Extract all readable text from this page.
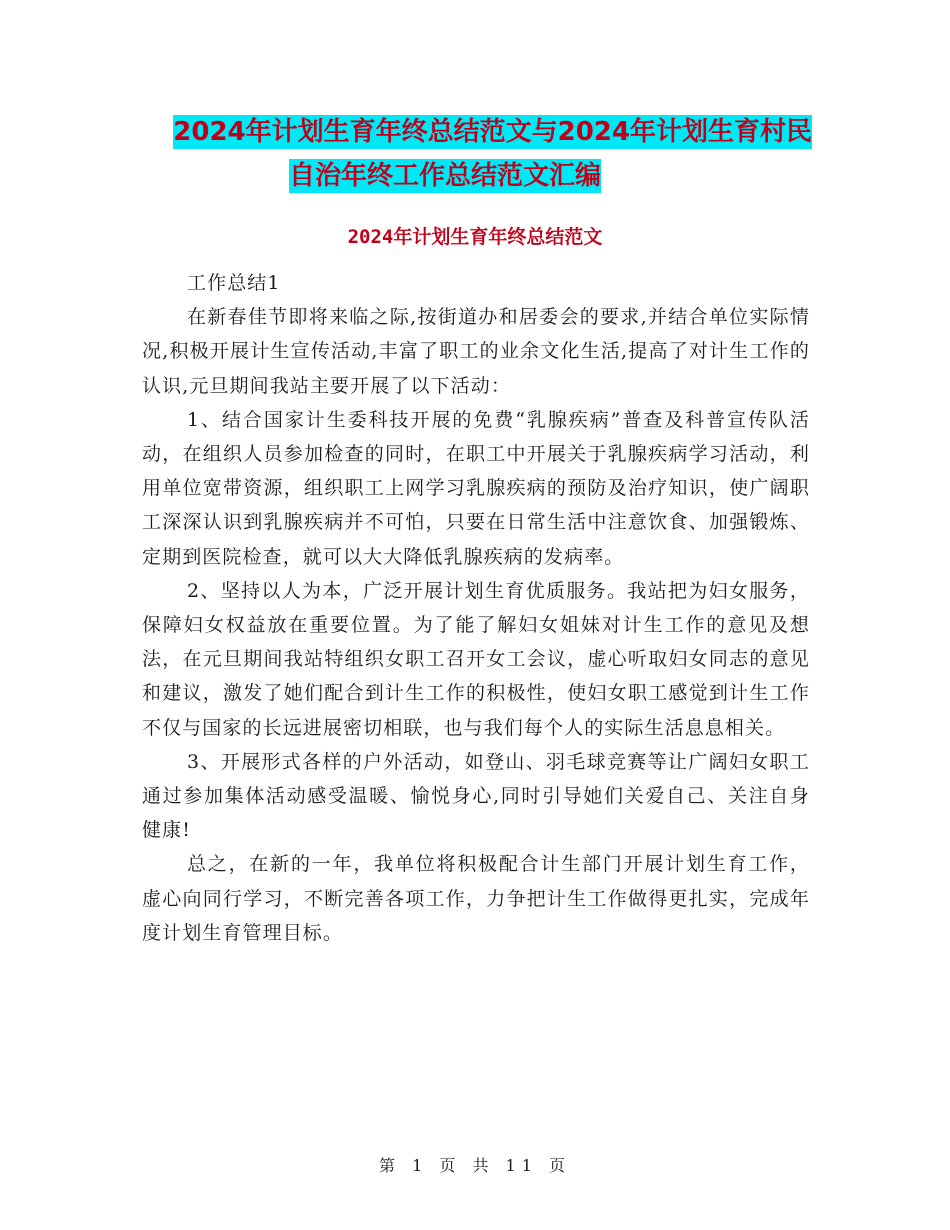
2024年计划生育年终总结范文与2024年计划生育村民
自治年终工作总结范文汇编
2024年计划生育年终总结范文

工作总结1

在新春佳节即将来临之际,按街道办和居委会的要求,并结合单位实际情况,积极开展计生宣传活动,丰富了职工的业余文化生活,提高了对计生工作的认识,元旦期间我站主要开展了以下活动：

1、结合国家计生委科技开展的免费“乳腺疾病”普查及科普宣传队活动，在组织人员参加检查的同时，在职工中开展关于乳腺疾病学习活动，利用单位宽带资源，组织职工上网学习乳腺疾病的预防及治疗知识，使广阔职工深深认识到乳腺疾病并不可怕，只要在日常生活中注意饮食、加强锻炼、定期到医院检查，就可以大大降低乳腺疾病的发病率。

2、坚持以人为本，广泛开展计划生育优质服务。我站把为妇女服务，保障妇女权益放在重要位置。为了能了解妇女姐妹对计生工作的意见及想法，在元旦期间我站特组织女职工召开女工会议，虚心听取妇女同志的意见和建议，激发了她们配合到计生工作的积极性，使妇女职工感觉到计生工作不仅与国家的长远进展密切相联，也与我们每个人的实际生活息息相关。

3、开展形式各样的户外活动，如登山、羽毛球竞赛等让广阔妇女职工通过参加集体活动感受温暖、愉悦身心,同时引导她们关爱自己、关注自身健康!

总之，在新的一年，我单位将积极配合计生部门开展计划生育工作，虚心向同行学习，不断完善各项工作，力争把计生工作做得更扎实，完成年度计划生育管理目标。

第 1 页 共 11 页
